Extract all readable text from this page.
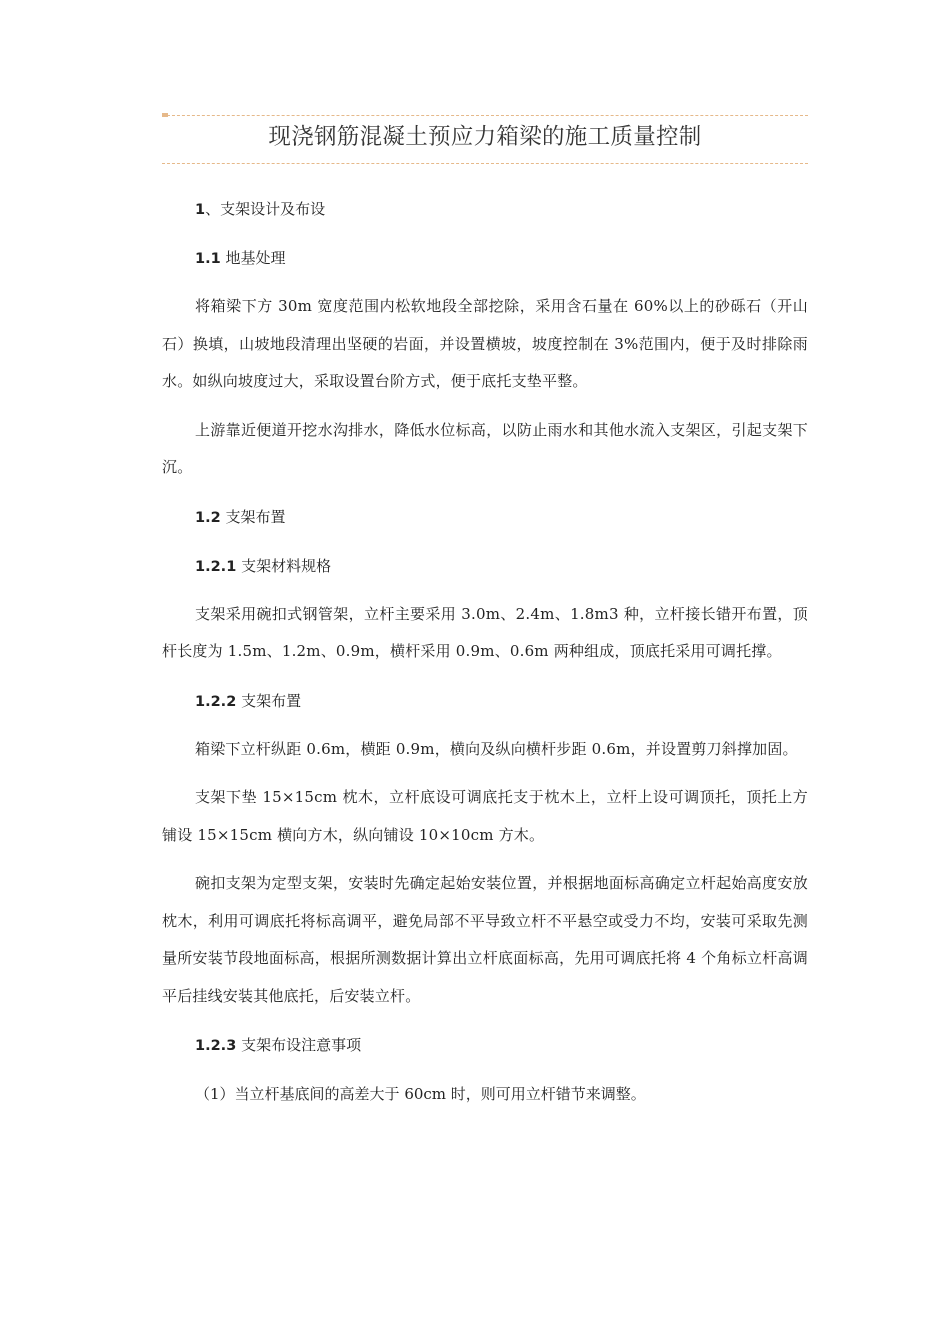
现浇钢筋混凝土预应力箱梁的施工质量控制

1、支架设计及布设

1.1 地基处理

将箱梁下方 30m 宽度范围内松软地段全部挖除，采用含石量在 60%以上的砂砾石（开山石）换填，山坡地段清理出坚硬的岩面，并设置横坡，坡度控制在 3%范围内，便于及时排除雨水。如纵向坡度过大，采取设置台阶方式，便于底托支垫平整。

上游靠近便道开挖水沟排水，降低水位标高，以防止雨水和其他水流入支架区，引起支架下沉。

1.2 支架布置

1.2.1 支架材料规格

支架采用碗扣式钢管架，立杆主要采用 3.0m、2.4m、1.8m3 种，立杆接长错开布置，顶杆长度为 1.5m、1.2m、0.9m，横杆采用 0.9m、0.6m 两种组成，顶底托采用可调托撑。

1.2.2 支架布置

箱梁下立杆纵距 0.6m，横距 0.9m，横向及纵向横杆步距 0.6m，并设置剪刀斜撑加固。

支架下垫 15×15cm 枕木，立杆底设可调底托支于枕木上，立杆上设可调顶托，顶托上方铺设 15×15cm 横向方木，纵向铺设 10×10cm 方木。

碗扣支架为定型支架，安装时先确定起始安装位置，并根据地面标高确定立杆起始高度安放枕木，利用可调底托将标高调平，避免局部不平导致立杆不平悬空或受力不均，安装可采取先测量所安装节段地面标高，根据所测数据计算出立杆底面标高，先用可调底托将 4 个角标立杆高调平后挂线安装其他底托，后安装立杆。

1.2.3 支架布设注意事项

（1）当立杆基底间的高差大于 60cm 时，则可用立杆错节来调整。
